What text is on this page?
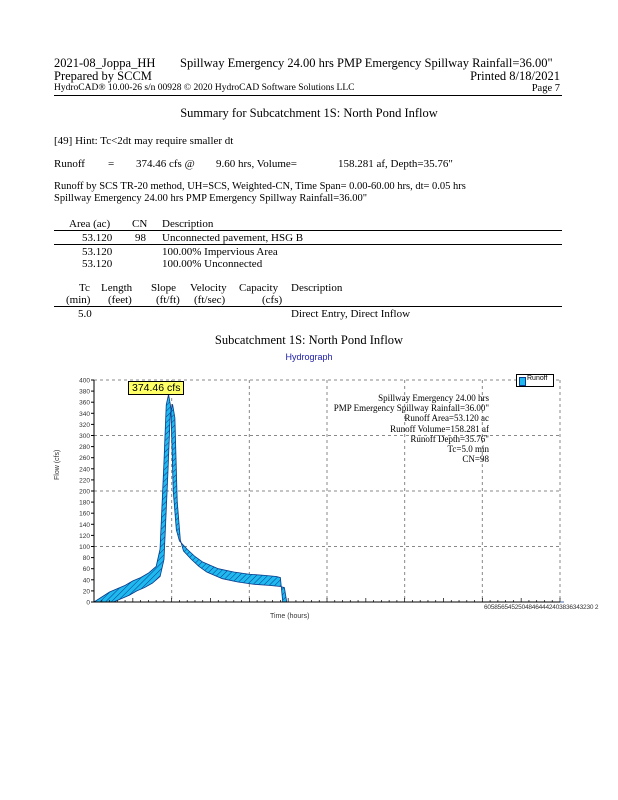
2021-08_Joppa_HH Spillway Emergency 24.00 hrs PMP Emergency Spillway Rainfall=36.00"
Prepared by SCCM	Printed 8/18/2021
HydroCAD® 10.00-26 s/n 00928 © 2020 HydroCAD Software Solutions LLC	Page 7
Summary for Subcatchment 1S: North Pond Inflow
[49] Hint: Tc<2dt may require smaller dt
Runoff = 374.46 cfs @ 9.60 hrs, Volume=	158.281 af, Depth=35.76"
Runoff by SCS TR-20 method, UH=SCS, Weighted-CN, Time Span= 0.00-60.00 hrs, dt= 0.05 hrs
Spillway Emergency 24.00 hrs PMP Emergency Spillway Rainfall=36.00"
Area (ac) CN Description
53.120 98 Unconnected pavement, HSG B
53.120	100.00% Impervious Area
53.120	100.00% Unconnected
Tc Length Slope Velocity Capacity Description
(min) (feet) (ft/ft) (ft/sec)	(cfs)
5.0	Direct Entry, Direct Inflow
Subcatchment 1S: North Pond Inflow
Hydrograph
0
20
40
60
80
100
120
140
160
180
200
220
240
260
280
300
320
340
360
380
400	Runoff
374.46 cfs
Spillway Emergency 24.00 hrs
PMP Emergency Spillway Rainfall=36.00"
Runoff Area=53.120 ac
Runoff Volume=158.281 af
Runoff Depth=35.76"
Tc=5.0 min
CN=98
Flow (cfs)
Time (hours)
60585654525048464442403836343230 2
